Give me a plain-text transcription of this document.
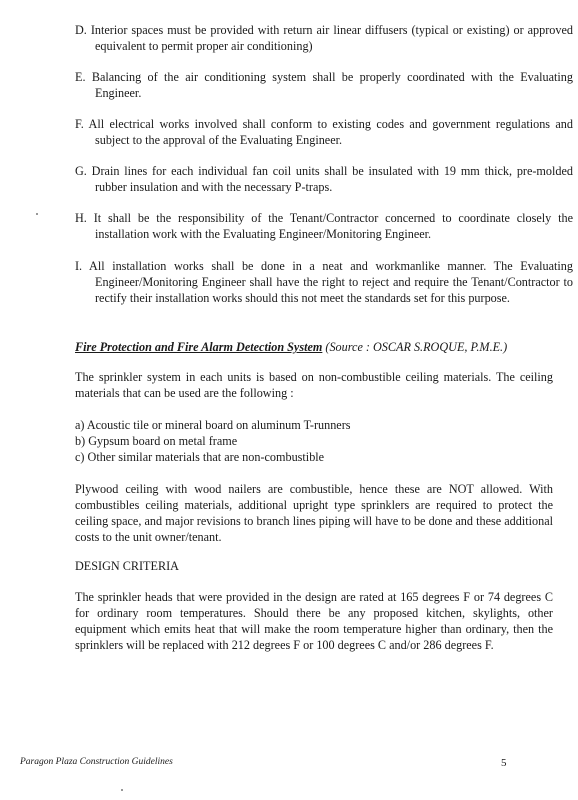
D. Interior spaces must be provided with return air linear diffusers (typical or existing) or approved equivalent to permit proper air conditioning)
E. Balancing of the air conditioning system shall be properly coordinated with the Evaluating Engineer.
F. All electrical works involved shall conform to existing codes and government regulations and subject to the approval of the Evaluating Engineer.
G. Drain lines for each individual fan coil units shall be insulated with 19 mm thick, pre-molded rubber insulation and with the necessary P-traps.
H. It shall be the responsibility of the Tenant/Contractor concerned to coordinate closely the installation work with the Evaluating Engineer/Monitoring Engineer.
I. All installation works shall be done in a neat and workmanlike manner. The Evaluating Engineer/Monitoring Engineer shall have the right to reject and require the Tenant/Contractor to rectify their installation works should this not meet the standards set for this purpose.
Fire Protection and Fire Alarm Detection System (Source : OSCAR S.ROQUE, P.M.E.)
The sprinkler system in each units is based on non-combustible ceiling materials. The ceiling materials that can be used are the following :
a) Acoustic tile or mineral board on aluminum T-runners
b) Gypsum board on metal frame
c) Other similar materials that are non-combustible
Plywood ceiling with wood nailers are combustible, hence these are NOT allowed. With combustibles ceiling materials, additional upright type sprinklers are required to protect the ceiling space, and major revisions to branch lines piping will have to be done and these additional costs to the unit owner/tenant.
DESIGN CRITERIA
The sprinkler heads that were provided in the design are rated at 165 degrees F or 74 degrees C for ordinary room temperatures. Should there be any proposed kitchen, skylights, other equipment which emits heat that will make the room temperature higher than ordinary, then the sprinklers will be replaced with 212 degrees F or 100 degrees C and/or 286 degrees F.
Paragon Plaza Construction Guidelines	5
